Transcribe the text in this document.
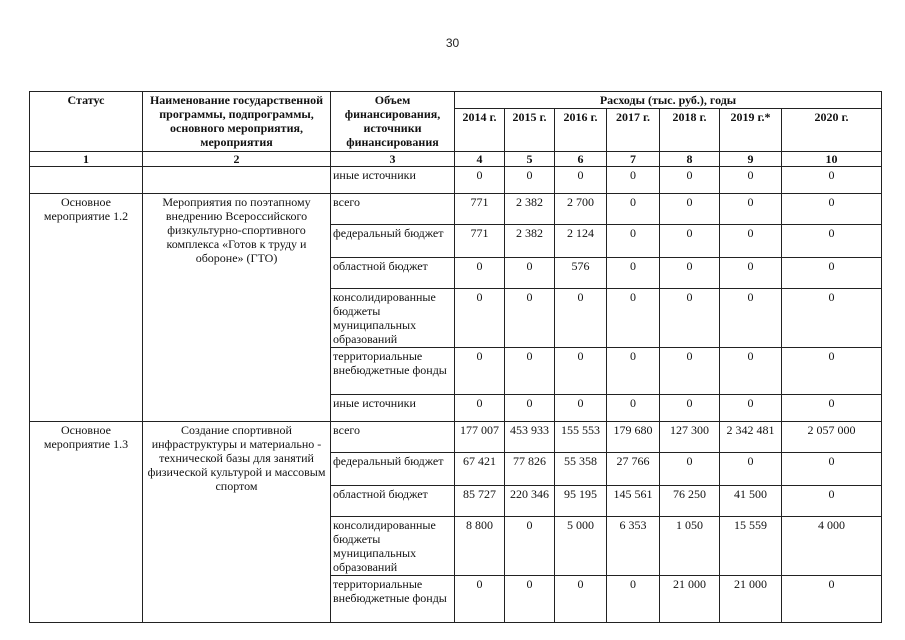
30
Статус	Наименование государственной программы, подпрограммы, основного мероприятия, мероприятия	Объем финансирования, источники финансирования	Расходы (тыс. руб.), годы						
			2014 г.	2015 г.	2016 г.	2017 г.	2018 г.	2019 г.*	2020 г.
1	2	3	4	5	6	7	8	9	10
		иные источники	0	0	0	0	0	0	0
Основное мероприятие 1.2	Мероприятия по поэтапному внедрению Всероссийского физкультурно-спортивного комплекса «Готов к труду и обороне» (ГТО)	всего	771	2 382	2 700	0	0	0	0
		федеральный бюджет	771	2 382	2 124	0	0	0	0
		областной бюджет	0	0	576	0	0	0	0
		консолидированные бюджеты муниципальных образований	0	0	0	0	0	0	0
		территориальные внебюджетные фонды	0	0	0	0	0	0	0
		иные источники	0	0	0	0	0	0	0
Основное мероприятие 1.3	Создание спортивной инфраструктуры и материально - технической базы для занятий физической культурой и массовым спортом	всего	177 007	453 933	155 553	179 680	127 300	2 342 481	2 057 000
		федеральный бюджет	67 421	77 826	55 358	27 766	0	0	0
		областной бюджет	85 727	220 346	95 195	145 561	76 250	41 500	0
		консолидированные бюджеты муниципальных образований	8 800	0	5 000	6 353	1 050	15 559	4 000
		территориальные внебюджетные фонды	0	0	0	0	21 000	21 000	0
